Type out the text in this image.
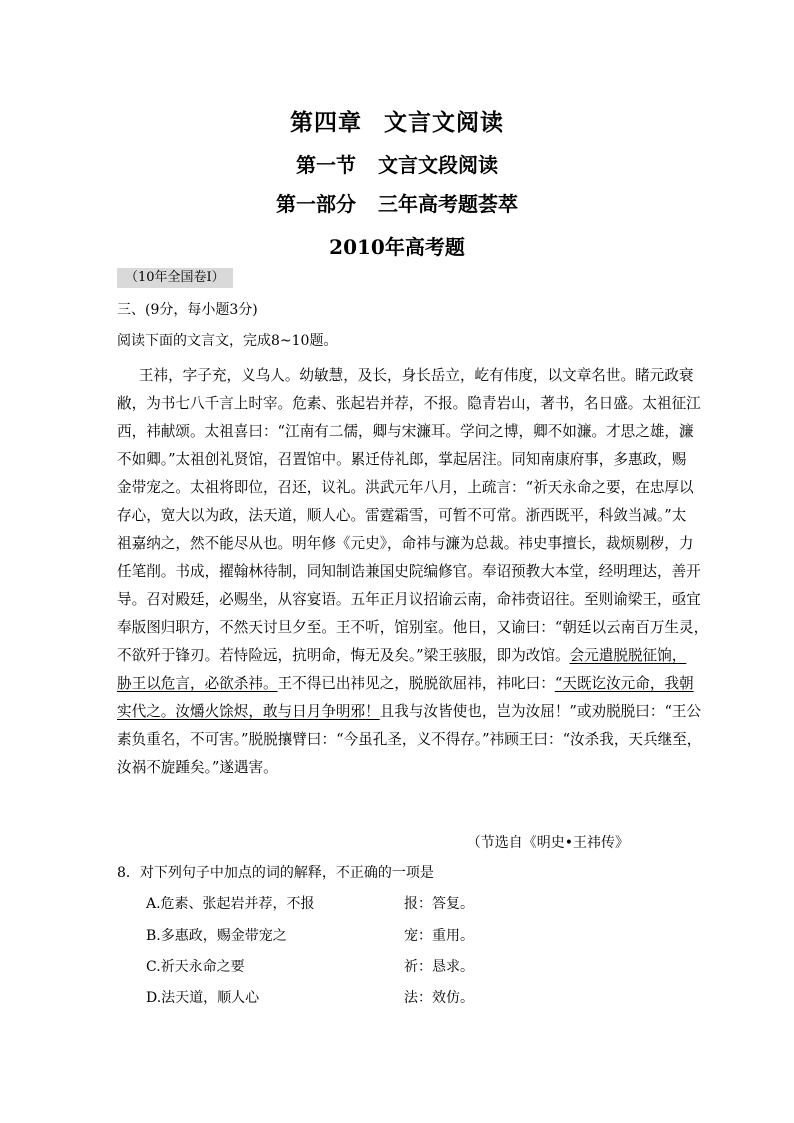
第四章 文言文阅读
第一节 文言文段阅读
第一部分 三年高考题荟萃
2010年高考题
（10年全国卷Ⅰ）
三、(9分，每小题3分)
阅读下面的文言文，完成8~10题。
  王祎，字子充，义乌人。幼敏慧，及长，身长岳立，屹有伟度，以文章名世。睹元政衰
敝，为书七八千言上时宰。危素、张起岩并荐，不报。隐青岩山，著书，名日盛。太祖征江
西，祎献颂。太祖喜曰：“江南有二儒，卿与宋濂耳。学问之博，卿不如濂。才思之雄，濂
不如卿。”太祖创礼贤馆，召置馆中。累迁侍礼郎，掌起居注。同知南康府事，多惠政，赐
金带宠之。太祖将即位，召还，议礼。洪武元年八月，上疏言：“祈天永命之要，在忠厚以
存心，宽大以为政，法天道，顺人心。雷霆霜雪，可暂不可常。浙西既平，科敛当减。”太
祖嘉纳之，然不能尽从也。明年修《元史》，命祎与濂为总裁。祎史事擅长，裁烦剔秽，力
任笔削。书成，擢翰林待制，同知制诰兼国史院编修官。奉诏预教大本堂，经明理达，善开
导。召对殿廷，必赐坐，从容宴语。五年正月议招谕云南，命祎赍诏往。至则谕梁王，亟宜
奉版图归职方，不然天讨旦夕至。王不听，馆别室。他日，又谕曰：“朝廷以云南百万生灵，
不欲歼于锋刃。若恃险远，抗明命，悔无及矣。”梁王骇服，即为改馆。会元遣脱脱征饷，
胁王以危言，必欲杀祎。王不得已出祎见之，脱脱欲屈祎，祎叱曰：“天既讫汝元命，我朝
实代之。汝爝火馀烬，敢与日月争明邪！且我与汝皆使也，岂为汝屈！”或劝脱脱曰：“王公
素负重名，不可害。”脱脱攘臂曰：“今虽孔圣，义不得存。”祎顾王曰：“汝杀我，天兵继至，
汝祸不旋踵矣。”遂遇害。
（节选自《明史•王祎传》
8．对下列句子中加点的词的解释，不正确的一项是
A.危素、张起岩并荐，不报	报：答复。
B.多惠政，赐金带宠之	宠：重用。
C.祈天永命之要	祈：恳求。
D.法天道，顺人心	法：效仿。
